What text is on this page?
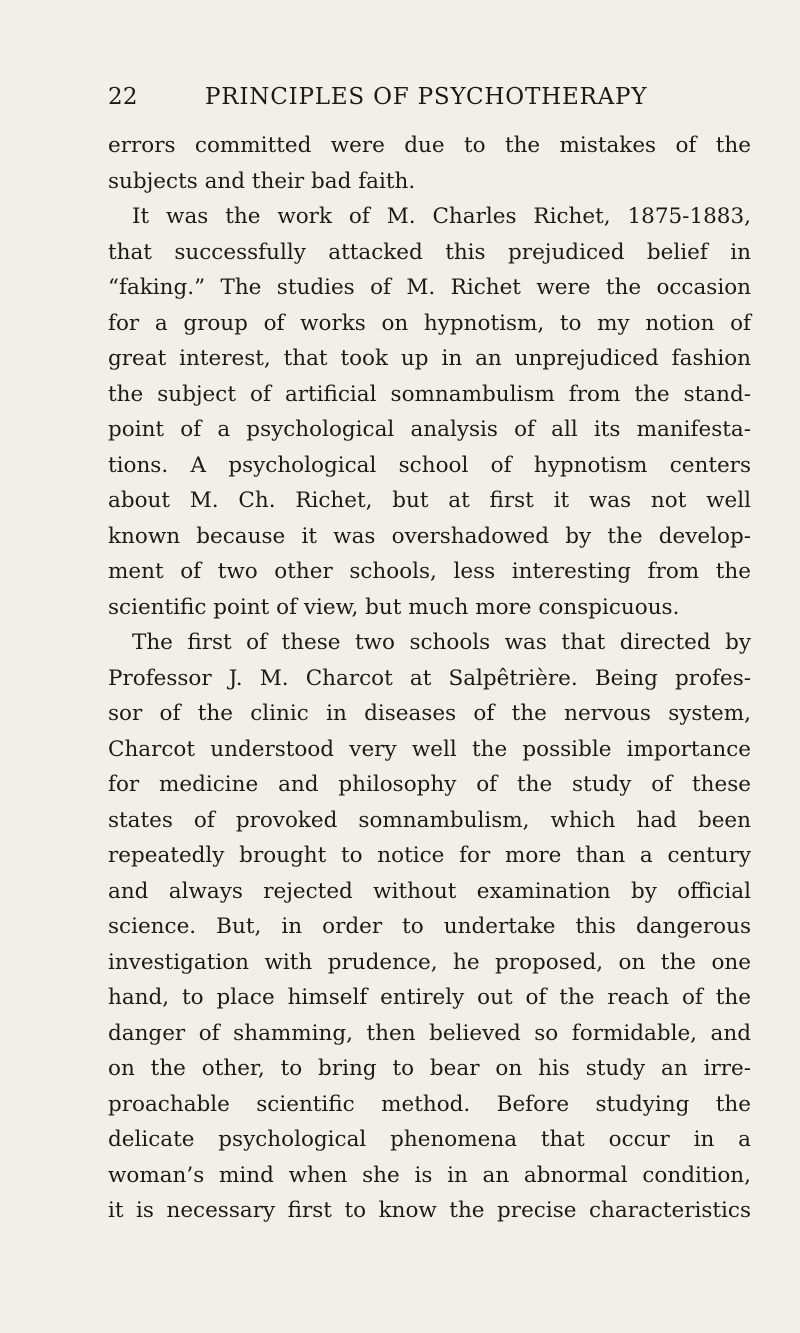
22	PRINCIPLES OF PSYCHOTHERAPY
errors committed were due to the mistakes of the
subjects and their bad faith.
It was the work of M. Charles Richet, 1875-1883,
that successfully attacked this prejudiced belief in
“faking.” The studies of M. Richet were the occasion
for a group of works on hypnotism, to my notion of
great interest, that took up in an unprejudiced fashion
the subject of artificial somnambulism from the stand-
point of a psychological analysis of all its manifesta-
tions. A psychological school of hypnotism centers
about M. Ch. Richet, but at first it was not well
known because it was overshadowed by the develop-
ment of two other schools, less interesting from the
scientific point of view, but much more conspicuous.
The first of these two schools was that directed by
Professor J. M. Charcot at Salpêtrière. Being profes-
sor of the clinic in diseases of the nervous system,
Charcot understood very well the possible importance
for medicine and philosophy of the study of these
states of provoked somnambulism, which had been
repeatedly brought to notice for more than a century
and always rejected without examination by official
science. But, in order to undertake this dangerous
investigation with prudence, he proposed, on the one
hand, to place himself entirely out of the reach of the
danger of shamming, then believed so formidable, and
on the other, to bring to bear on his study an irre-
proachable scientific method. Before studying the
delicate psychological phenomena that occur in a
woman’s mind when she is in an abnormal condition,
it is necessary first to know the precise characteristics
